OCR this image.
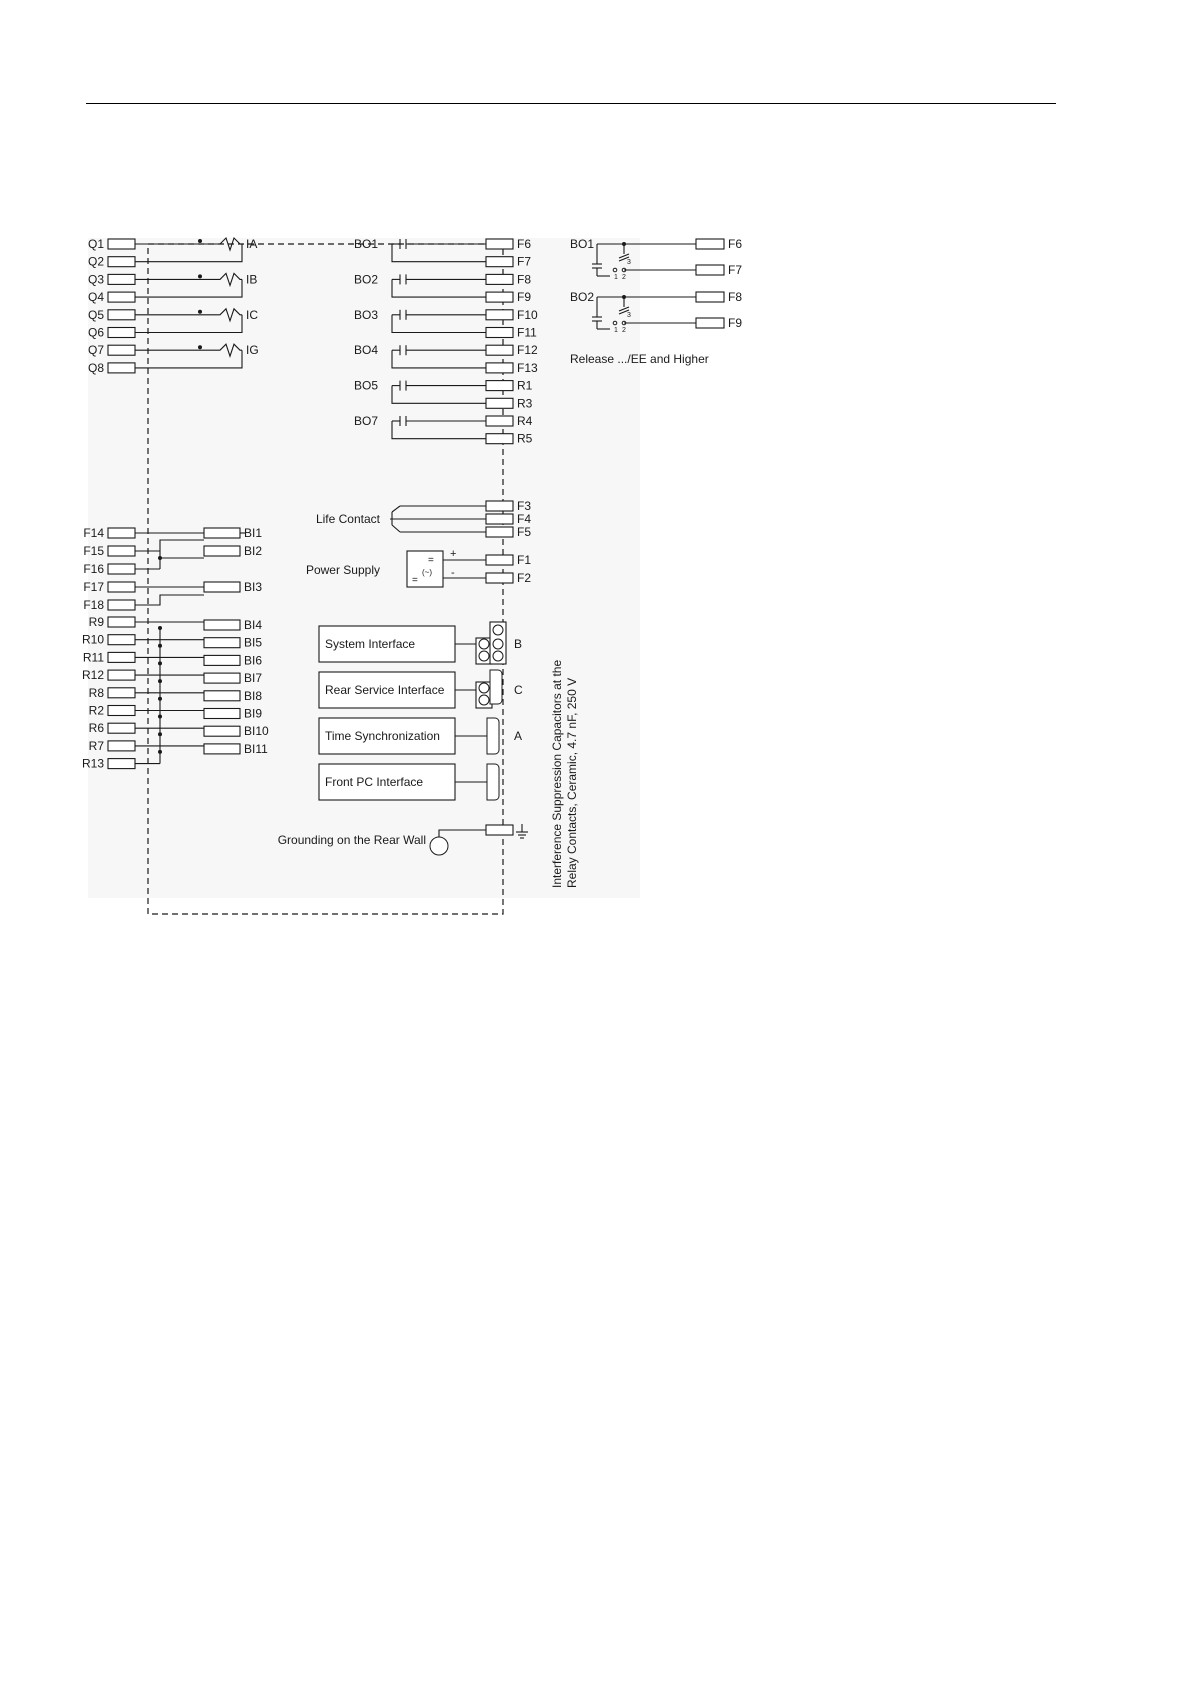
Q1
Q2
IA
Q3
Q4
IB
Q5
Q6
IC
Q7
Q8
IG
BO1	F6
F7
BO2	F8
F9
BO3	F10
F11
BO4	F12
F13
BO5	R1
R3
BO7	R4
R5
BO1
1 2
3
F6
F7
BO2
1 2
3
F8
F9
Release .../EE and Higher
Life Contact
F3
F4
F5
=
=
(~)
Power Supply
+
-
F1
F2
F14
F15
F16
F17
F18
BI1
BI2
BI3
R9
R10
R11
R12
R8
R2
R6
R7
R13
BI4
BI5
BI6
BI7
BI8
BI9
BI10
BI11
System Interface	B
Rear Service Interface	C
Time Synchronization	A
Front PC Interface
Grounding on the Rear Wall	Interference Suppression Capacitors at the Relay Contacts, Ceramic, 4.7 nF, 250 V
